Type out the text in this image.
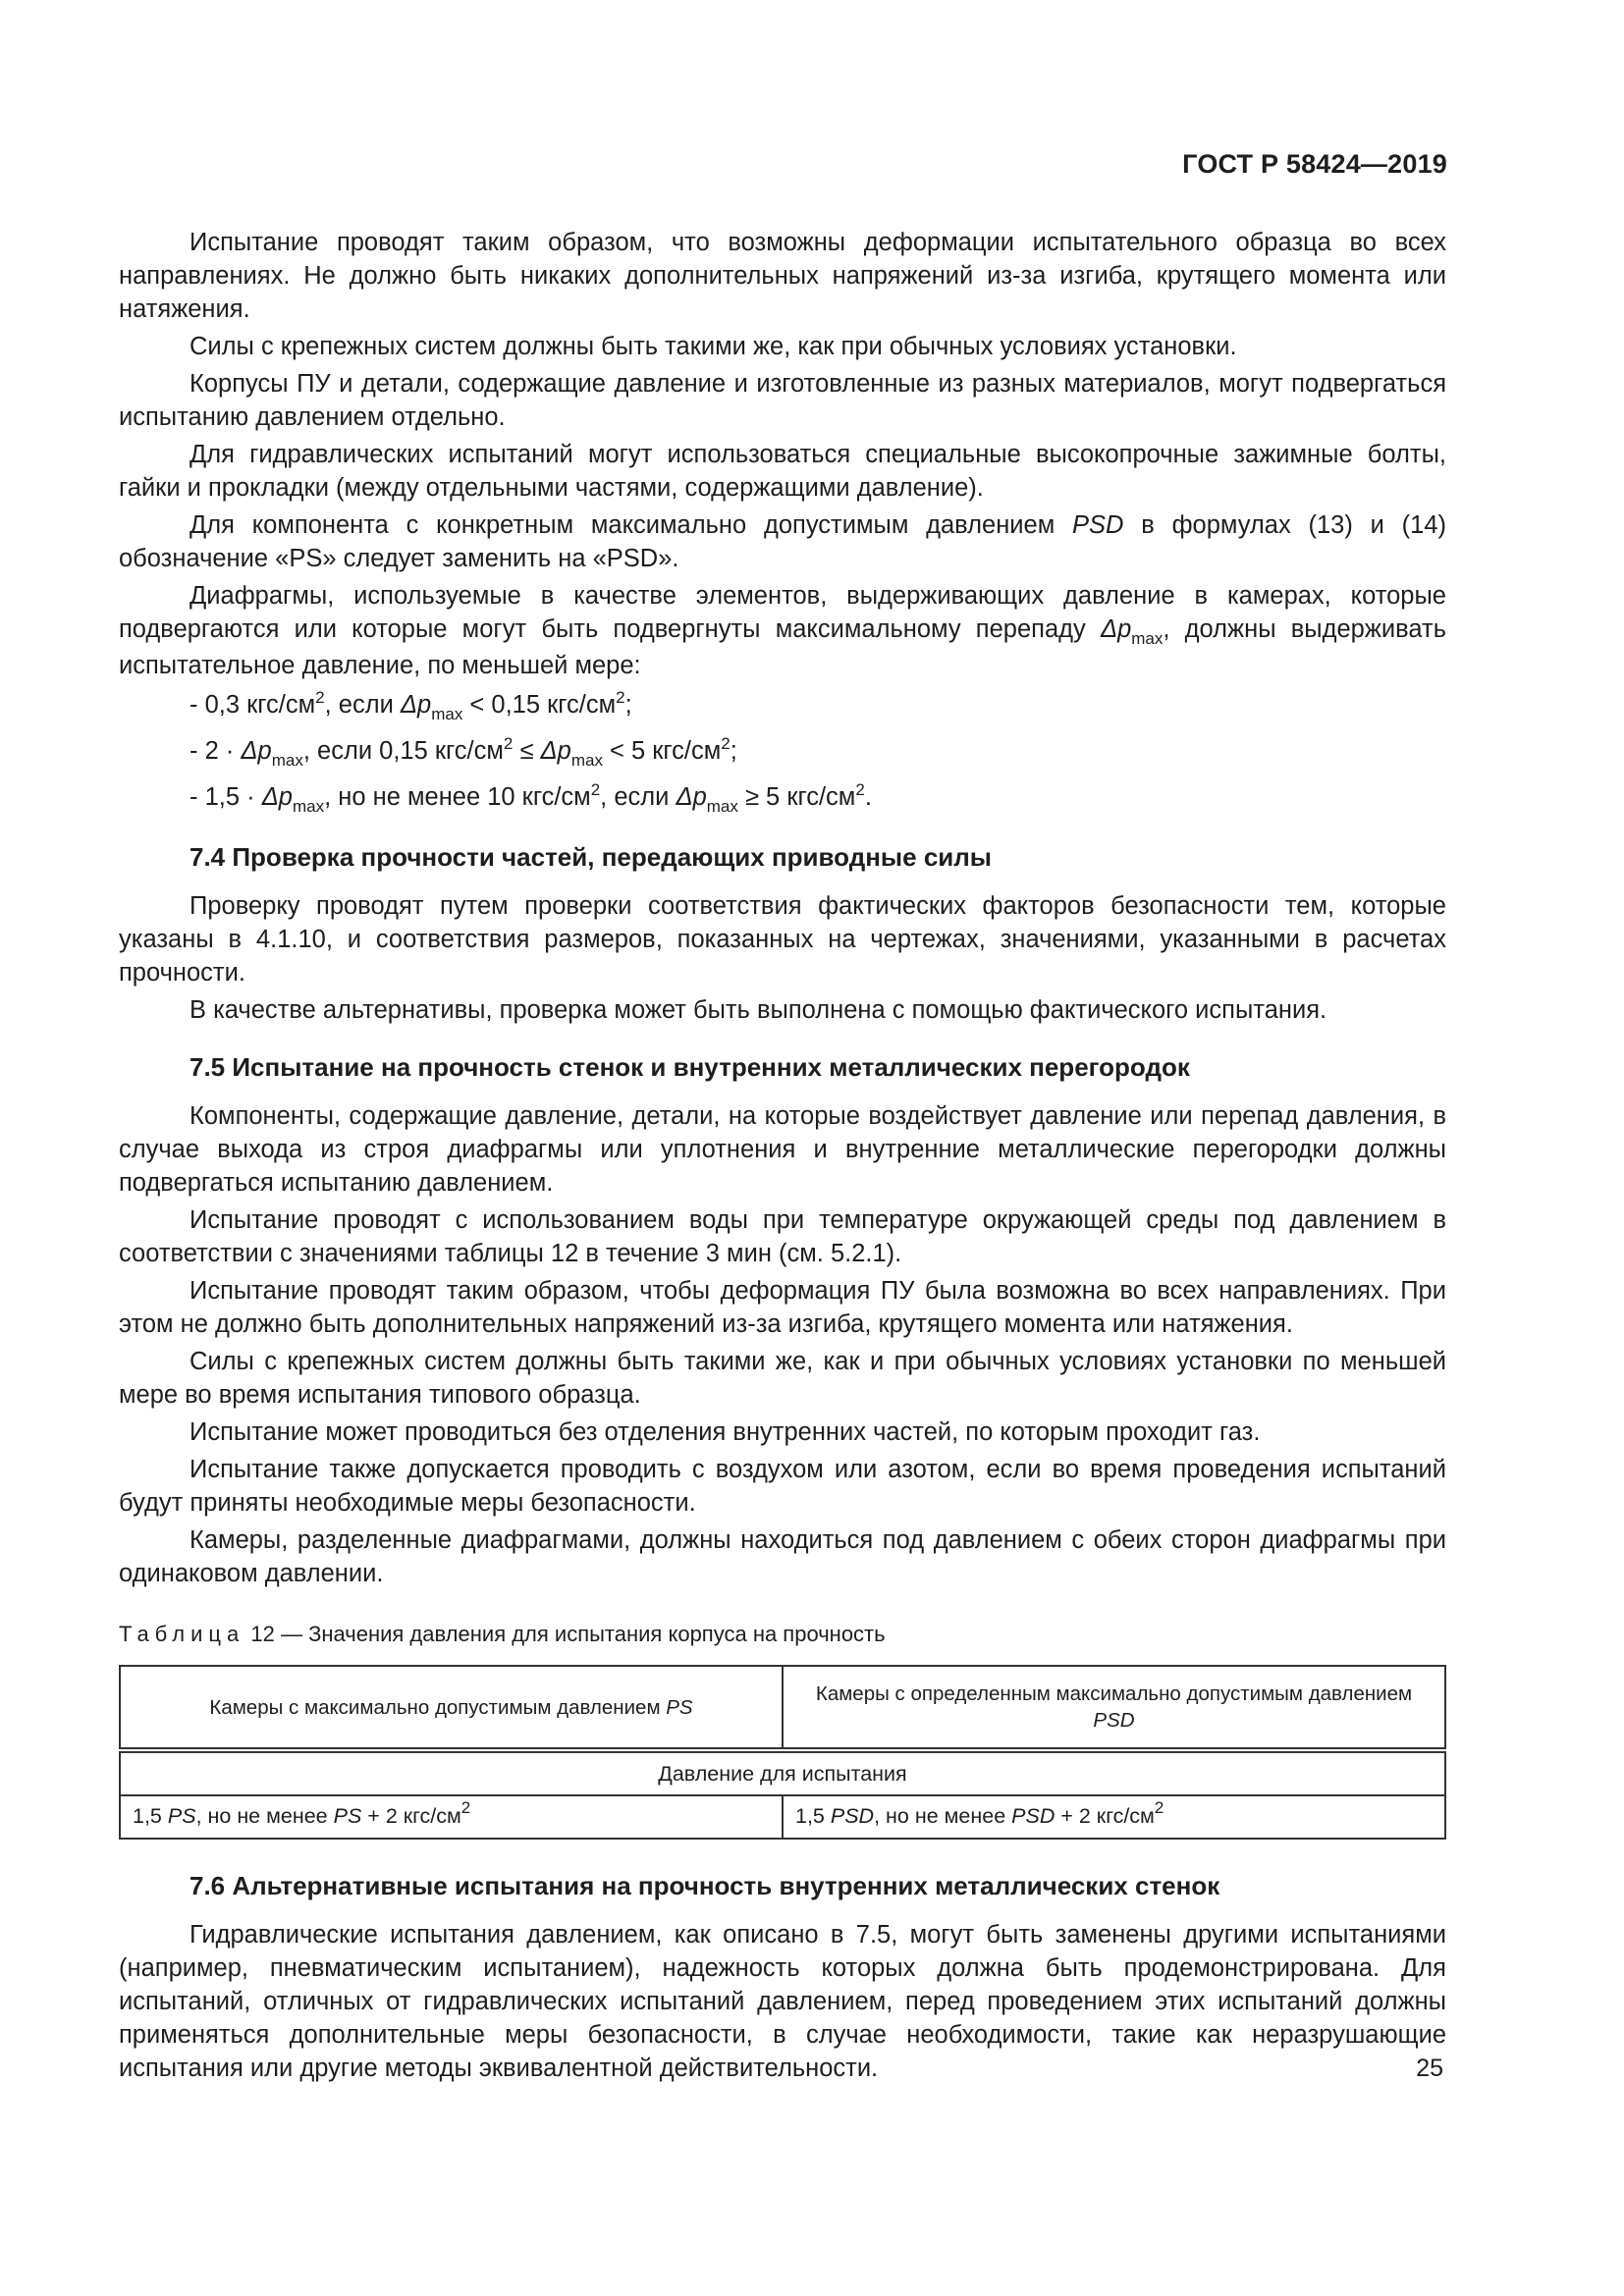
ГОСТ Р 58424—2019

Испытание проводят таким образом, что возможны деформации испытательного образца во всех направлениях. Не должно быть никаких дополнительных напряжений из-за изгиба, крутящего момента или натяжения.

Силы с крепежных систем должны быть такими же, как при обычных условиях установки.

Корпусы ПУ и детали, содержащие давление и изготовленные из разных материалов, могут подвергаться испытанию давлением отдельно.

Для гидравлических испытаний могут использоваться специальные высокопрочные зажимные болты, гайки и прокладки (между отдельными частями, содержащими давление).

Для компонента с конкретным максимально допустимым давлением PSD в формулах (13) и (14) обозначение «PS» следует заменить на «PSD».

Диафрагмы, используемые в качестве элементов, выдерживающих давление в камерах, которые подвергаются или которые могут быть подвергнуты максимальному перепаду $\Delta p_{max}$, должны выдерживать испытательное давление, по меньшей мере:

- 0,3 кгс/$см^2$, если $\Delta p_{max} < 0,15$ кгс/$см^2$;

- $2 \cdot \Delta p_{max}$, если 0,15 кгс/$см^2 \le \Delta p_{max} < 5$ кгс/$см^2$;

- $1,5 \cdot \Delta p_{max}$, но не менее 10 кгс/$см^2$, если $\Delta p_{max} \ge 5$ кгс/$см^2$.

7.4 Проверка прочности частей, передающих приводные силы

Проверку проводят путем проверки соответствия фактических факторов безопасности тем, которые указаны в 4.1.10, и соответствия размеров, показанных на чертежах, значениями, указанными в расчетах прочности.

В качестве альтернативы, проверка может быть выполнена с помощью фактического испытания.

7.5 Испытание на прочность стенок и внутренних металлических перегородок

Компоненты, содержащие давление, детали, на которые воздействует давление или перепад давления, в случае выхода из строя диафрагмы или уплотнения и внутренние металлические перегородки должны подвергаться испытанию давлением.

Испытание проводят с использованием воды при температуре окружающей среды под давлением в соответствии с значениями таблицы 12 в течение 3 мин (см. 5.2.1).

Испытание проводят таким образом, чтобы деформация ПУ была возможна во всех направлениях. При этом не должно быть дополнительных напряжений из-за изгиба, крутящего момента или натяжения.

Силы с крепежных систем должны быть такими же, как и при обычных условиях установки по меньшей мере во время испытания типового образца.

Испытание может проводиться без отделения внутренних частей, по которым проходит газ.

Испытание также допускается проводить с воздухом или азотом, если во время проведения испытаний будут приняты необходимые меры безопасности.

Камеры, разделенные диафрагмами, должны находиться под давлением с обеих сторон диафрагмы при одинаковом давлении.

Таблица 12 — Значения давления для испытания корпуса на прочность
Камеры с максимально допустимым давлением PS	Камеры с определенным максимально допустимым давлением PSD
Давление для испытания	
1,5 PS, но не менее PS + 2 кгс/$см^2$	1,5 PSD, но не менее PSD + 2 кгс/$см^2$

7.6 Альтернативные испытания на прочность внутренних металлических стенок

Гидравлические испытания давлением, как описано в 7.5, могут быть заменены другими испытаниями (например, пневматическим испытанием), надежность которых должна быть продемонстрирована. Для испытаний, отличных от гидравлических испытаний давлением, перед проведением этих испытаний должны применяться дополнительные меры безопасности, в случае необходимости, такие как неразрушающие испытания или другие методы эквивалентной действительности.	25
